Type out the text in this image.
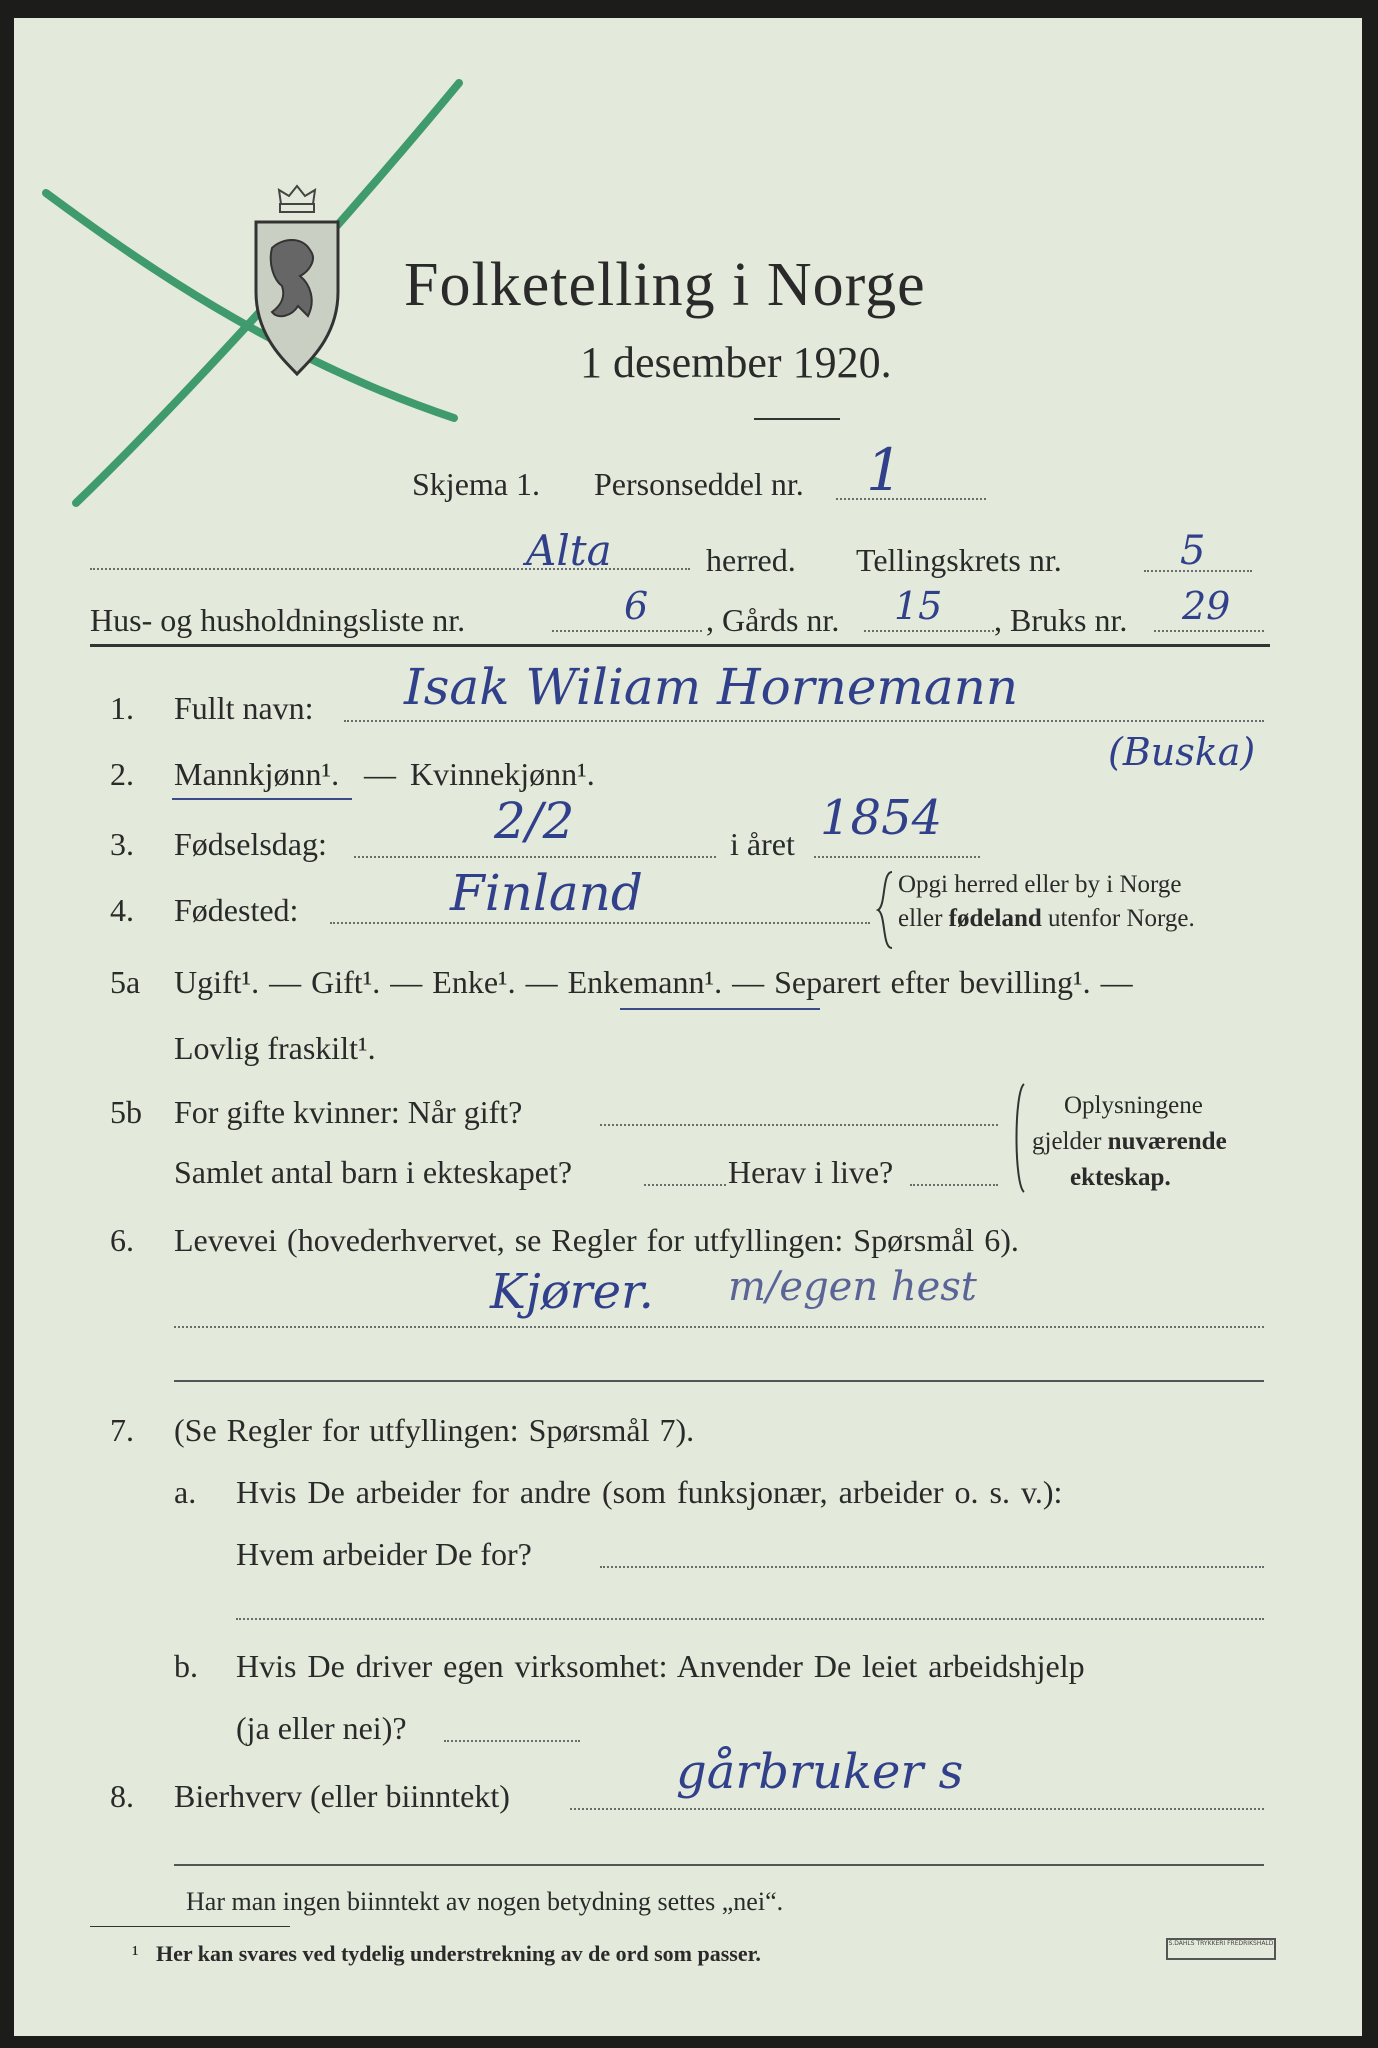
Folketelling i Norge
1 desember 1920.
Skjema 1. Personseddel nr. 1
Alta	herred. Tellingskrets nr.	5
Hus- og husholdningsliste nr.	6 , Gårds nr. 15 , Bruks nr. 29
1. Fullt navn: Isak Wiliam Hornemann
(Buska)
2. Mannkjønn¹. — Kvinnekjønn¹.
3. Fødselsdag:	2/2	i året 1854
4. Fødested:	Finland	Opgi herred eller by i Norge
eller fødeland utenfor Norge.
5a Ugift¹. — Gift¹. — Enke¹. — Enkemann¹. — Separert efter bevilling¹. —
Lovlig fraskilt¹.
5b For gifte kvinner: Når gift?
Samlet antal barn i ekteskapet?	Herav i live?
Oplysningene
gjelder nuværende
ekteskap.
6. Levevei (hovederhvervet, se Regler for utfyllingen: Spørsmål 6).
Kjører. m/egen hest
7. (Se Regler for utfyllingen: Spørsmål 7).
a. Hvis De arbeider for andre (som funksjonær, arbeider o. s. v.):
Hvem arbeider De for?
b. Hvis De driver egen virksomhet: Anvender De leiet arbeidshjelp
(ja eller nei)?
8. Bierhverv (eller biinntekt)	gårbruker s
Har man ingen biinntekt av nogen betydning settes „nei“.
¹ Her kan svares ved tydelig understrekning av de ord som passer.	S.DAHLS TRYKKERI FREDRIKSHALD
